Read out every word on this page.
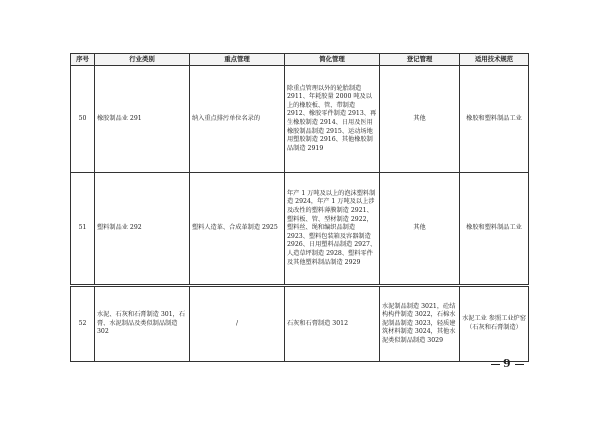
序号	行业类别	重点管理	简化管理	登记管理	适用技术规范
50	橡胶制品业 291	纳入重点排污单位名录的	除重点管理以外的轮胎制造 2911、年耗胶量 2000 吨及以上的橡胶板、管、带制造 2912、橡胶零件制造 2913、再生橡胶制造 2914、日用及医用橡胶制品制造 2915、运动场地用塑胶制造 2916、其他橡胶制品制造 2919	其他	橡胶和塑料制品工业
51	塑料制品业 292	塑料人造革、合成革制造 2925	年产 1 万吨及以上的泡沫塑料制造 2924，年产 1 万吨及以上涉及改性的塑料薄膜制造 2921、塑料板、管、型材制造 2922，塑料丝、绳和编织品制造 2923、塑料包装箱及容器制造 2926、日用塑料品制造 2927、人造草坪制造 2928、塑料零件及其他塑料制品制造 2929	其他	橡胶和塑料制品工业
52	水泥、石灰和石膏制造 301，石膏、水泥制品及类似制品制造 302	/	石灰和石膏制造 3012	水泥制品制造 3021，砼结构构件制造 3022，石棉水泥制品制造 3023，轻质建筑材料制造 3024，其他水泥类似制品制造 3029	水泥工业 参照工业炉窑（石灰和石膏制造）
9
